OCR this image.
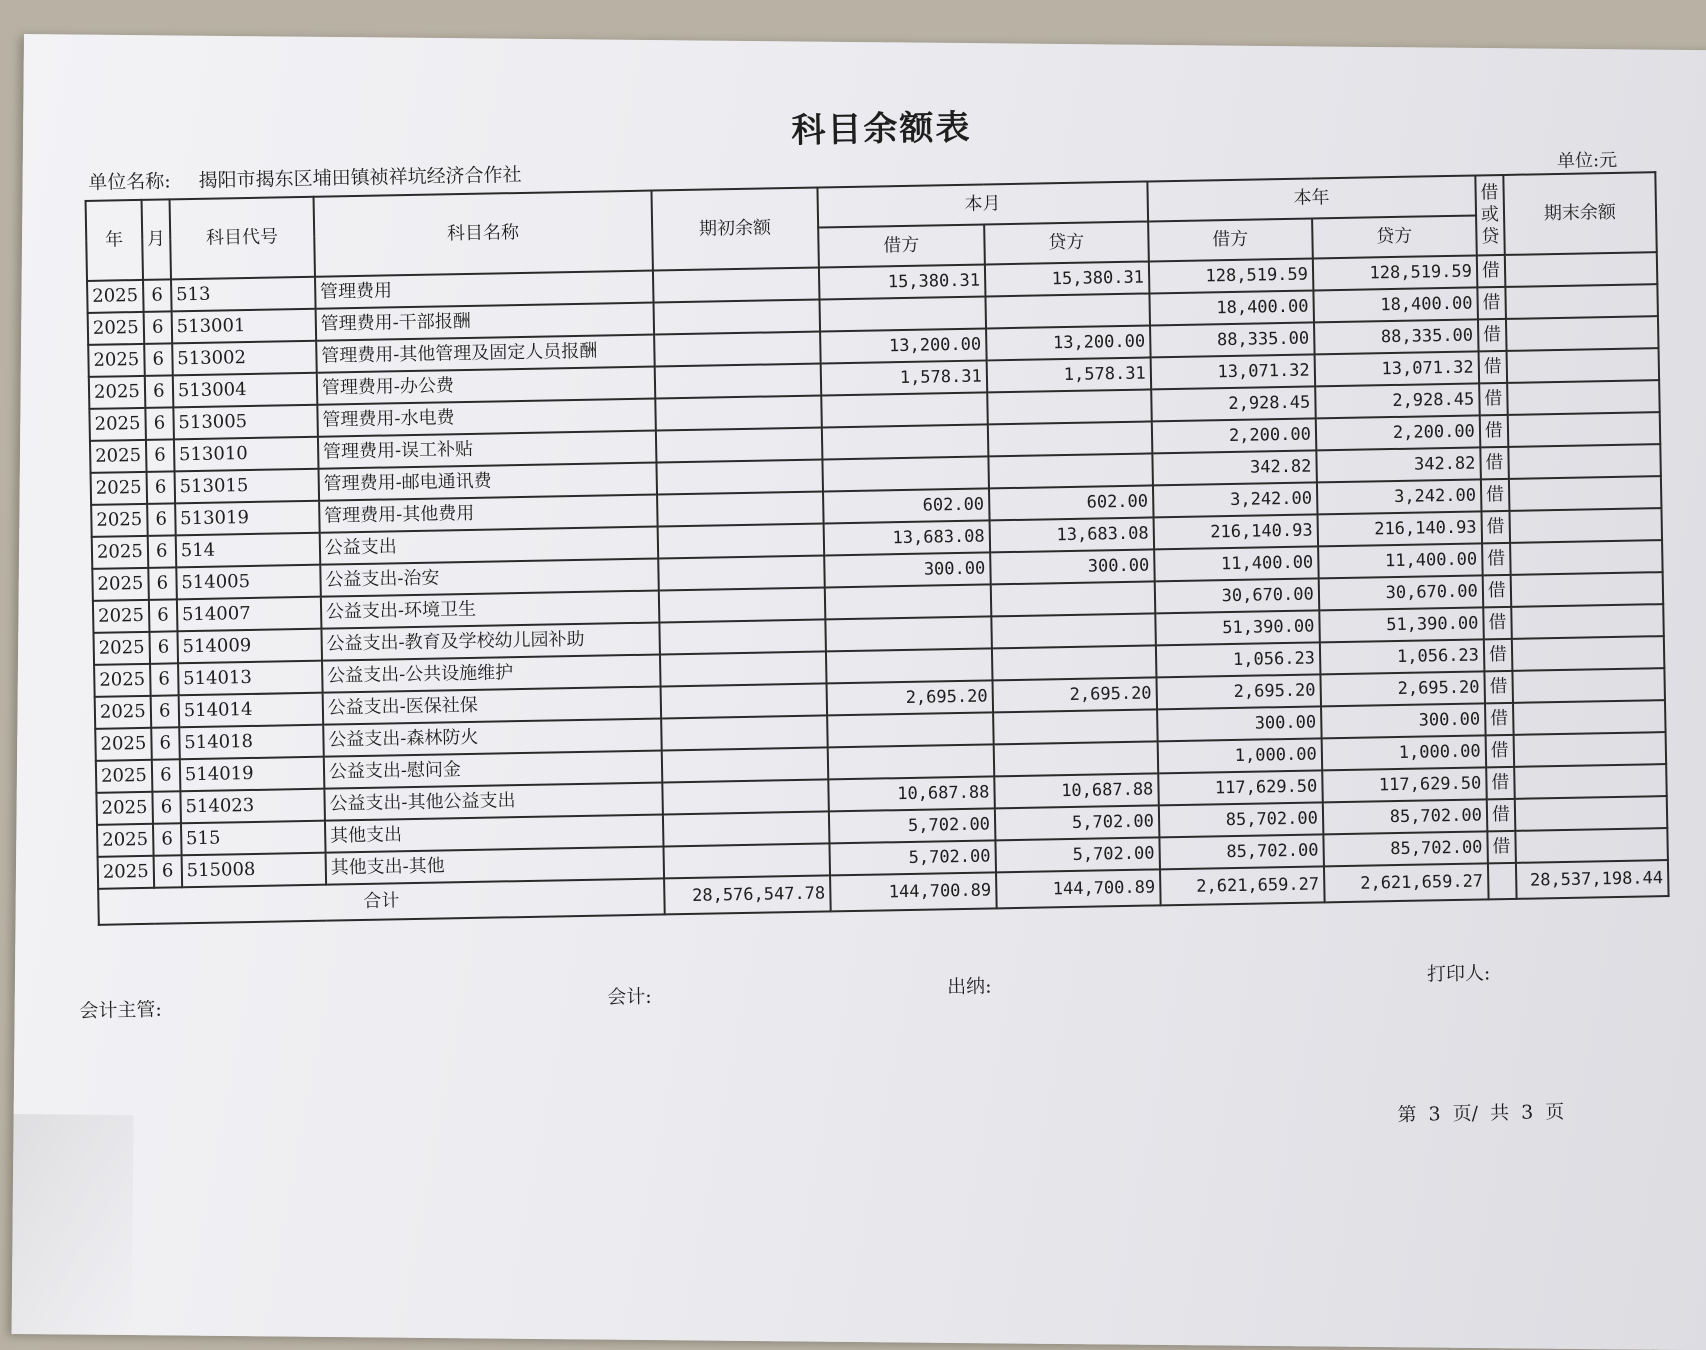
科目余额表
单位名称: 揭阳市揭东区埔田镇祯祥坑经济合作社
单位:元
年	月	科目代号	科目名称	期初余额	本月		本年		借
或
贷	期末余额
					借方	贷方	借方	贷方		
2025	6	513	管理费用		15,380.31	15,380.31	128,519.59	128,519.59	借	
2025	6	513001	管理费用-干部报酬				18,400.00	18,400.00	借	
2025	6	513002	管理费用-其他管理及固定人员报酬		13,200.00	13,200.00	88,335.00	88,335.00	借	
2025	6	513004	管理费用-办公费		1,578.31	1,578.31	13,071.32	13,071.32	借	
2025	6	513005	管理费用-水电费				2,928.45	2,928.45	借	
2025	6	513010	管理费用-误工补贴				2,200.00	2,200.00	借	
2025	6	513015	管理费用-邮电通讯费				342.82	342.82	借	
2025	6	513019	管理费用-其他费用		602.00	602.00	3,242.00	3,242.00	借	
2025	6	514	公益支出		13,683.08	13,683.08	216,140.93	216,140.93	借	
2025	6	514005	公益支出-治安		300.00	300.00	11,400.00	11,400.00	借	
2025	6	514007	公益支出-环境卫生				30,670.00	30,670.00	借	
2025	6	514009	公益支出-教育及学校幼儿园补助				51,390.00	51,390.00	借	
2025	6	514013	公益支出-公共设施维护				1,056.23	1,056.23	借	
2025	6	514014	公益支出-医保社保		2,695.20	2,695.20	2,695.20	2,695.20	借	
2025	6	514018	公益支出-森林防火				300.00	300.00	借	
2025	6	514019	公益支出-慰问金				1,000.00	1,000.00	借	
2025	6	514023	公益支出-其他公益支出		10,687.88	10,687.88	117,629.50	117,629.50	借	
2025	6	515	其他支出		5,702.00	5,702.00	85,702.00	85,702.00	借	
2025	6	515008	其他支出-其他		5,702.00	5,702.00	85,702.00	85,702.00	借	
合计				28,576,547.78	144,700.89	144,700.89	2,621,659.27	2,621,659.27		28,537,198.44
会计主管:
会计:	出纳:
打印人:
第 3 页/ 共 3 页
